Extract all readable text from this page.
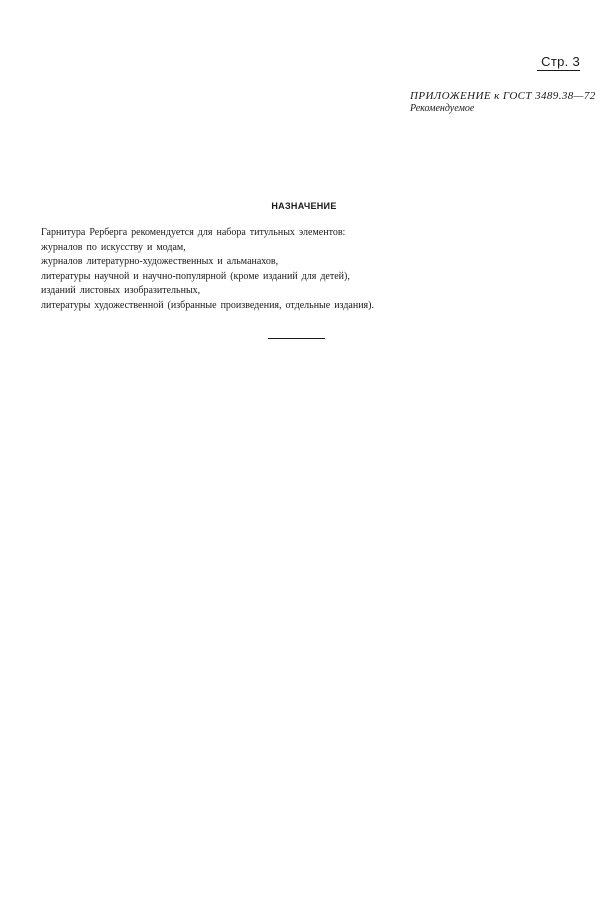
Стр. 3
ПРИЛОЖЕНИЕ к ГОСТ 3489.38—72
Рекомендуемое
НАЗНАЧЕНИЕ
Гарнитура Рерберга рекомендуется для набора титульных элементов:
журналов по искусству и модам,
журналов литературно-художественных и альманахов,
литературы научной и научно-популярной (кроме изданий для детей),
изданий листовых изобразительных,
литературы художественной (избранные произведения, отдельные издания).
